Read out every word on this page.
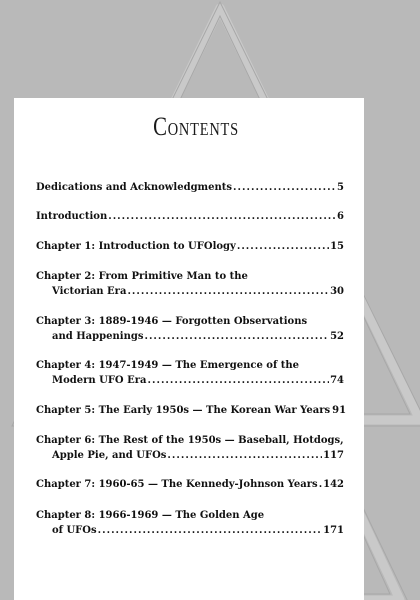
Contents
Dedications and Acknowledgments .....	5
Introduction .....	6
Chapter 1: Introduction to UFOlogy .....	15
Chapter 2: From Primitive Man to the
Victorian Era .....	30
Chapter 3: 1889-1946 — Forgotten Observations
and Happenings .....	52
Chapter 4: 1947-1949 — The Emergence of the
Modern UFO Era .....	74
Chapter 5: The Early 1950s — The Korean War Years 91
Chapter 6: The Rest of the 1950s — Baseball, Hotdogs,
Apple Pie, and UFOs .....	117
Chapter 7: 1960-65 — The Kennedy-Johnson Years ..... 142
Chapter 8: 1966-1969 — The Golden Age
of UFOs .....	171
